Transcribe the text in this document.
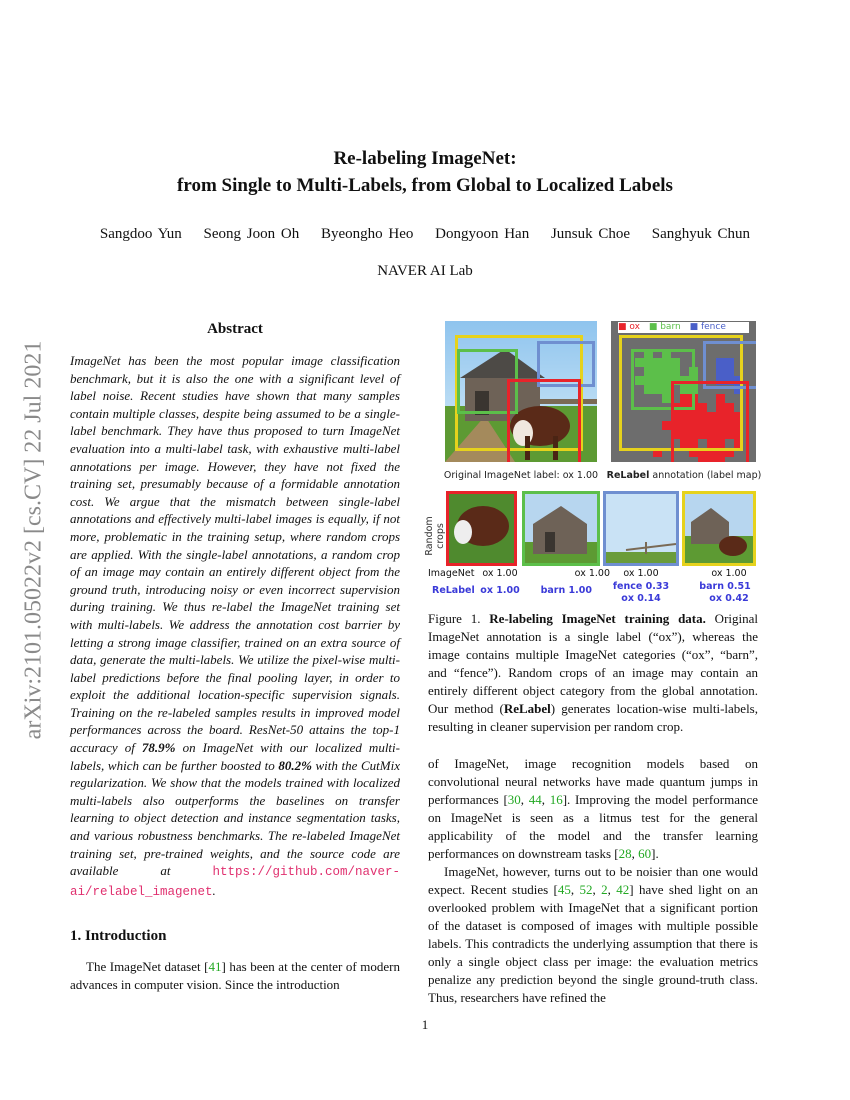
Re-labeling ImageNet:
from Single to Multi-Labels, from Global to Localized Labels
Sangdoo Yun Seong Joon Oh Byeongho Heo Dongyoon Han Junsuk Choe Sanghyuk Chun
NAVER AI Lab
arXiv:2101.05022v2 [cs.CV] 22 Jul 2021
Abstract
ImageNet has been the most popular image classification benchmark, but it is also the one with a significant level of label noise. Recent studies have shown that many samples contain multiple classes, despite being assumed to be a single-label benchmark. They have thus proposed to turn ImageNet evaluation into a multi-label task, with exhaustive multi-label annotations per image. However, they have not fixed the training set, presumably because of a formidable annotation cost. We argue that the mismatch between single-label annotations and effectively multi-label images is equally, if not more, problematic in the training setup, where random crops are applied. With the single-label annotations, a random crop of an image may contain an entirely different object from the ground truth, introducing noisy or even incorrect supervision during training. We thus re-label the ImageNet training set with multi-labels. We address the annotation cost barrier by letting a strong image classifier, trained on an extra source of data, generate the multi-labels. We utilize the pixel-wise multi-label predictions before the final pooling layer, in order to exploit the additional location-specific supervision signals. Training on the re-labeled samples results in improved model performances across the board. ResNet-50 attains the top-1 accuracy of 78.9% on ImageNet with our localized multi-labels, which can be further boosted to 80.2% with the CutMix regularization. We show that the models trained with localized multi-labels also outperforms the baselines on transfer learning to object detection and instance segmentation tasks, and various robustness benchmarks. The re-labeled ImageNet training set, pre-trained weights, and the source code are available at https://github.com/naver-ai/relabel_imagenet.
1. Introduction
The ImageNet dataset [41] has been at the center of modern advances in computer vision. Since the introduction
■ ox ■ barn ■ fence
Original ImageNet label: ox 1.00 ReLabel annotation (label map)
Random crops
ImageNet
ReLabel
ox 1.00
ox 1.00
ox 1.00
barn 1.00
ox 1.00
fence 0.33
ox 0.14
ox 1.00
barn 0.51
ox 0.42
Figure 1. Re-labeling ImageNet training data. Original ImageNet annotation is a single label (“ox”), whereas the image contains multiple ImageNet categories (“ox”, “barn”, and “fence”). Random crops of an image may contain an entirely different object category from the global annotation. Our method (ReLabel) generates location-wise multi-labels, resulting in cleaner supervision per random crop.
of ImageNet, image recognition models based on convolutional neural networks have made quantum jumps in performances [30, 44, 16]. Improving the model performance on ImageNet is seen as a litmus test for the general applicability of the model and the transfer learning performances on downstream tasks [28, 60].
ImageNet, however, turns out to be noisier than one would expect. Recent studies [45, 52, 2, 42] have shed light on an overlooked problem with ImageNet that a significant portion of the dataset is composed of images with multiple possible labels. This contradicts the underlying assumption that there is only a single object class per image: the evaluation metrics penalize any prediction beyond the single ground-truth class. Thus, researchers have refined the
1
